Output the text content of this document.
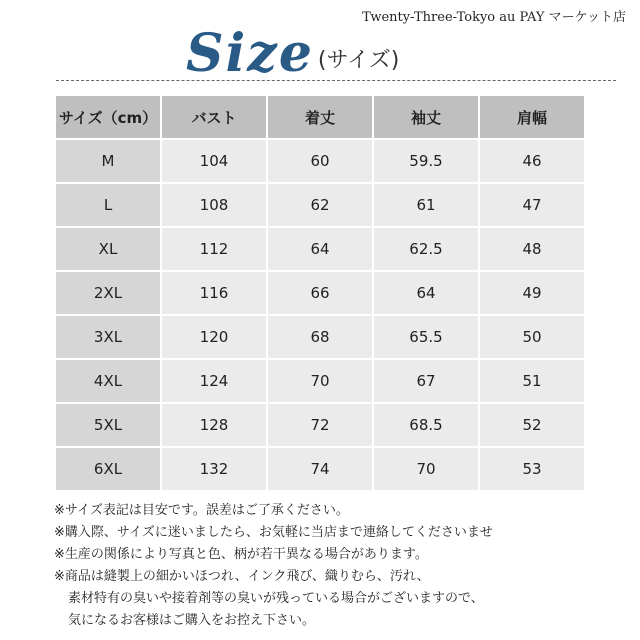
Twenty-Three-Tokyo au PAY マーケット店
Size (サイズ)
サイズ（cm）	バスト	着丈	袖丈	肩幅
M	104	60	59.5	46
L	108	62	61	47
XL	112	64	62.5	48
2XL	116	66	64	49
3XL	120	68	65.5	50
4XL	124	70	67	51
5XL	128	72	68.5	52
6XL	132	74	70	53
※サイズ表記は目安です。誤差はご了承ください。
※購入際、サイズに迷いましたら、お気軽に当店まで連絡してくださいませ
※生産の関係により写真と色、柄が若干異なる場合があります。
※商品は縫製上の細かいほつれ、インク飛び、織りむら、汚れ、
素材特有の臭いや接着剤等の臭いが残っている場合がございますので、
気になるお客様はご購入をお控え下さい。
